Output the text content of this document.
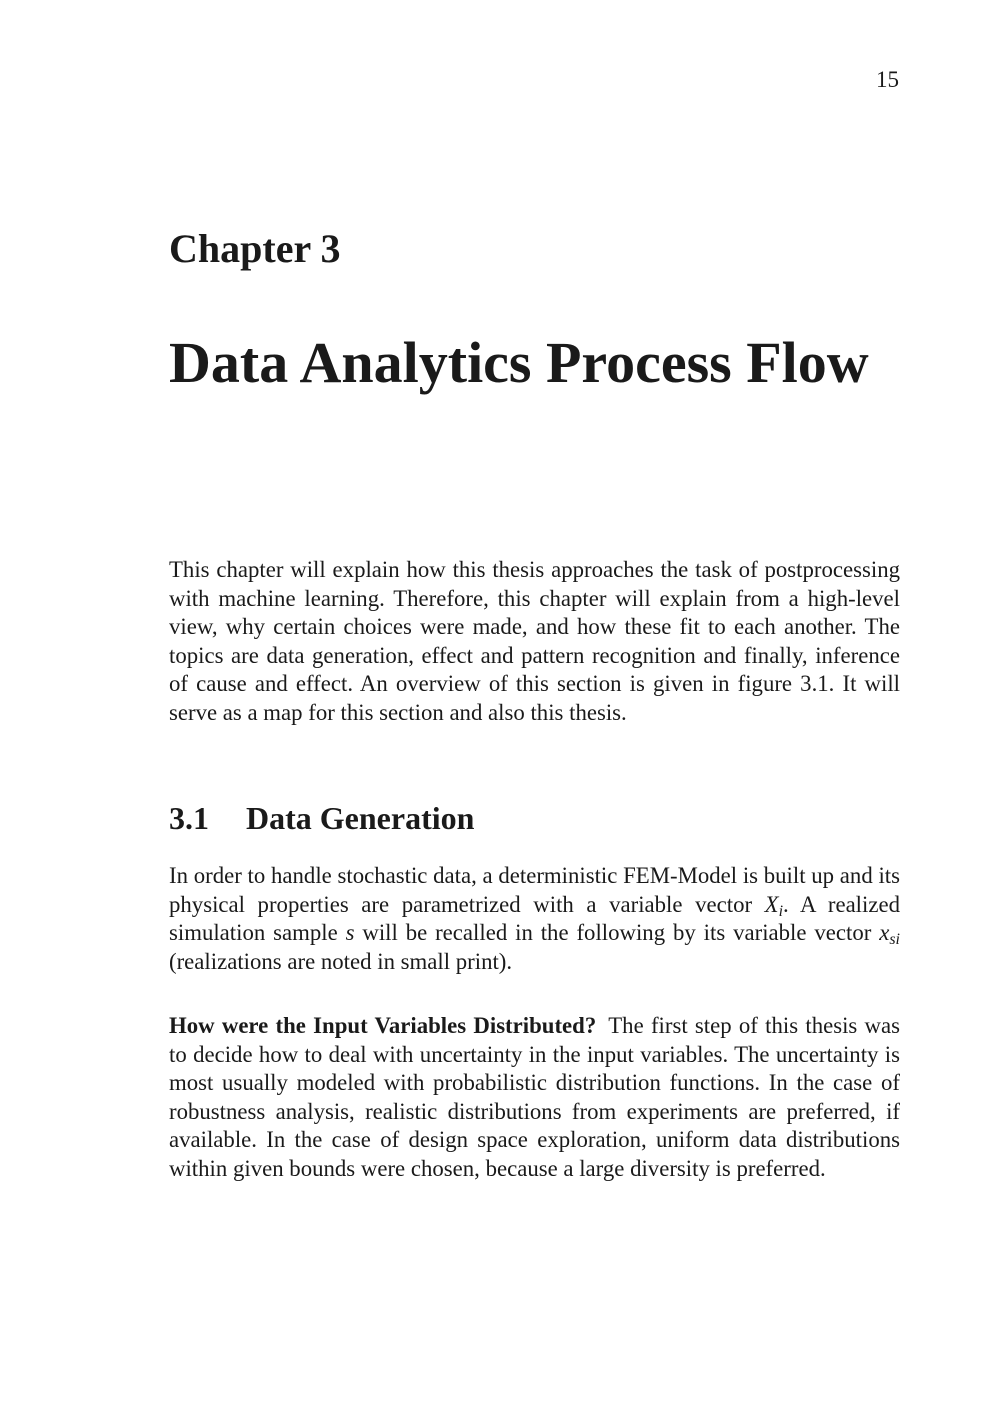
15
Chapter 3
Data Analytics Process Flow
This chapter will explain how this thesis approaches the task of postprocessing with machine learning. Therefore, this chapter will explain from a high-level view, why certain choices were made, and how these fit to each another. The topics are data generation, effect and pattern recognition and finally, inference of cause and effect. An overview of this section is given in figure 3.1. It will serve as a map for this section and also this thesis.
3.1 Data Generation
In order to handle stochastic data, a deterministic FEM-Model is built up and its physical properties are parametrized with a variable vector $X_i$. A realized simulation sample s will be recalled in the following by its variable vector $x_{si}$ (realizations are noted in small print).
How were the Input Variables Distributed? The first step of this thesis was to decide how to deal with uncertainty in the input variables. The uncertainty is most usually modeled with probabilistic distribution functions. In the case of robustness analysis, realistic distributions from experiments are preferred, if available. In the case of design space exploration, uniform data distributions within given bounds were chosen, because a large diversity is preferred.
